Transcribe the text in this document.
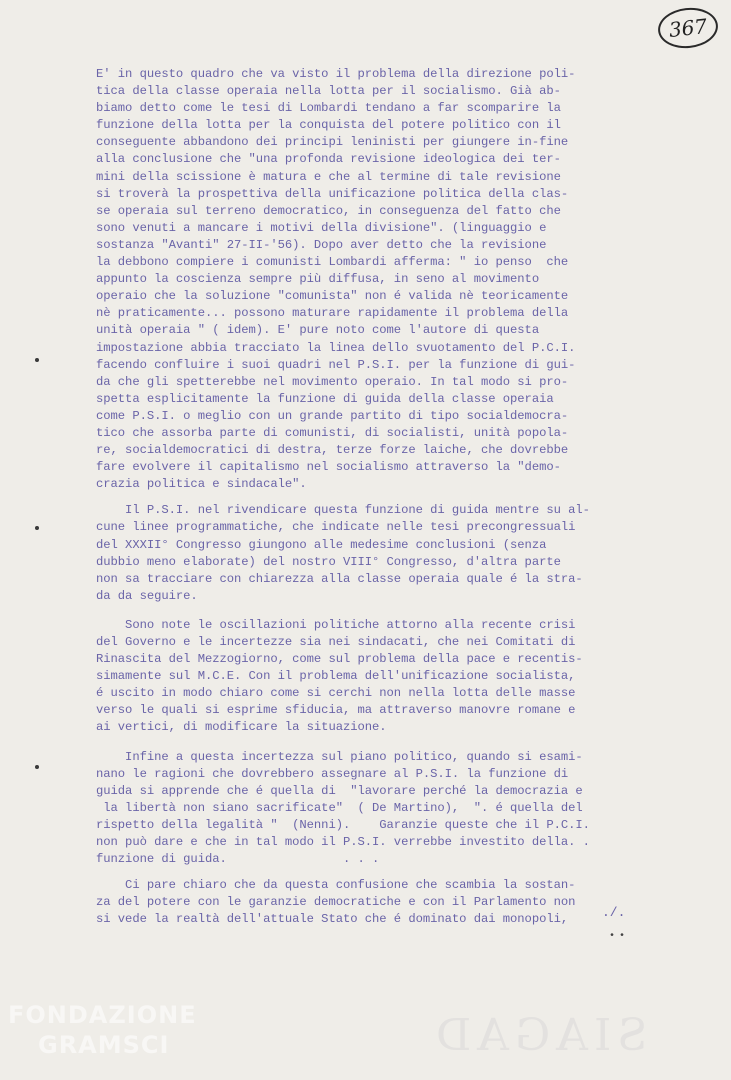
367
E' in questo quadro che va visto il problema della direzione poli-
tica della classe operaia nella lotta per il socialismo. Già ab-
biamo detto come le tesi di Lombardi tendano a far scomparire la
funzione della lotta per la conquista del potere politico con il
conseguente abbandono dei principi leninisti per giungere in-fine
alla conclusione che "una profonda revisione ideologica dei ter-
mini della scissione è matura e che al termine di tale revisione
si troverà la prospettiva della unificazione politica della clas-
se operaia sul terreno democratico, in conseguenza del fatto che
sono venuti a mancare i motivi della divisione". (linguaggio e
sostanza "Avanti" 27-II-'56). Dopo aver detto che la revisione
la debbono compiere i comunisti Lombardi afferma: " io penso  che
appunto la coscienza sempre più diffusa, in seno al movimento
operaio che la soluzione "comunista" non é valida nè teoricamente
nè praticamente... possono maturare rapidamente il problema della
unità operaia " ( idem). E' pure noto come l'autore di questa
impostazione abbia tracciato la linea dello svuotamento del P.C.I.
facendo confluire i suoi quadri nel P.S.I. per la funzione di gui-
da che gli spetterebbe nel movimento operaio. In tal modo si pro-
spetta esplicitamente la funzione di guida della classe operaia
come P.S.I. o meglio con un grande partito di tipo socialdemocra-
tico che assorba parte di comunisti, di socialisti, unità popola-
re, socialdemocratici di destra, terze forze laiche, che dovrebbe
fare evolvere il capitalismo nel socialismo attraverso la "demo-
crazia politica e sindacale".
Il P.S.I. nel rivendicare questa funzione di guida mentre su al-
cune linee programmatiche, che indicate nelle tesi precongressuali
del XXXII° Congresso giungono alle medesime conclusioni (senza
dubbio meno elaborate) del nostro VIII° Congresso, d'altra parte
non sa tracciare con chiarezza alla classe operaia quale é la stra-
da da seguire.
Sono note le oscillazioni politiche attorno alla recente crisi
del Governo e le incertezze sia nei sindacati, che nei Comitati di
Rinascita del Mezzogiorno, come sul problema della pace e recentis-
simamente sul M.C.E. Con il problema dell'unificazione socialista,
é uscito in modo chiaro come si cerchi non nella lotta delle masse
verso le quali si esprime sfiducia, ma attraverso manovre romane e
ai vertici, di modificare la situazione.
Infine a questa incertezza sul piano politico, quando si esami-
nano le ragioni che dovrebbero assegnare al P.S.I. la funzione di
guida si apprende che é quella di  "lavorare perché la democrazia e
la libertà non siano sacrificate"  ( De Martino),  ". é quella del
rispetto della legalità "  (Nenni).    Garanzie queste che il P.C.I.
non può dare e che in tal modo il P.S.I. verrebbe investito della. .
funzione di guida.                . . .
Ci pare chiaro che da questa confusione che scambia la sostan-
za del potere con le garanzie democratiche e con il Parlamento non
si vede la realtà dell'attuale Stato che é dominato dai monopoli,	./.
••
SIAGAD
FONDAZIONE
GRAMSCI
